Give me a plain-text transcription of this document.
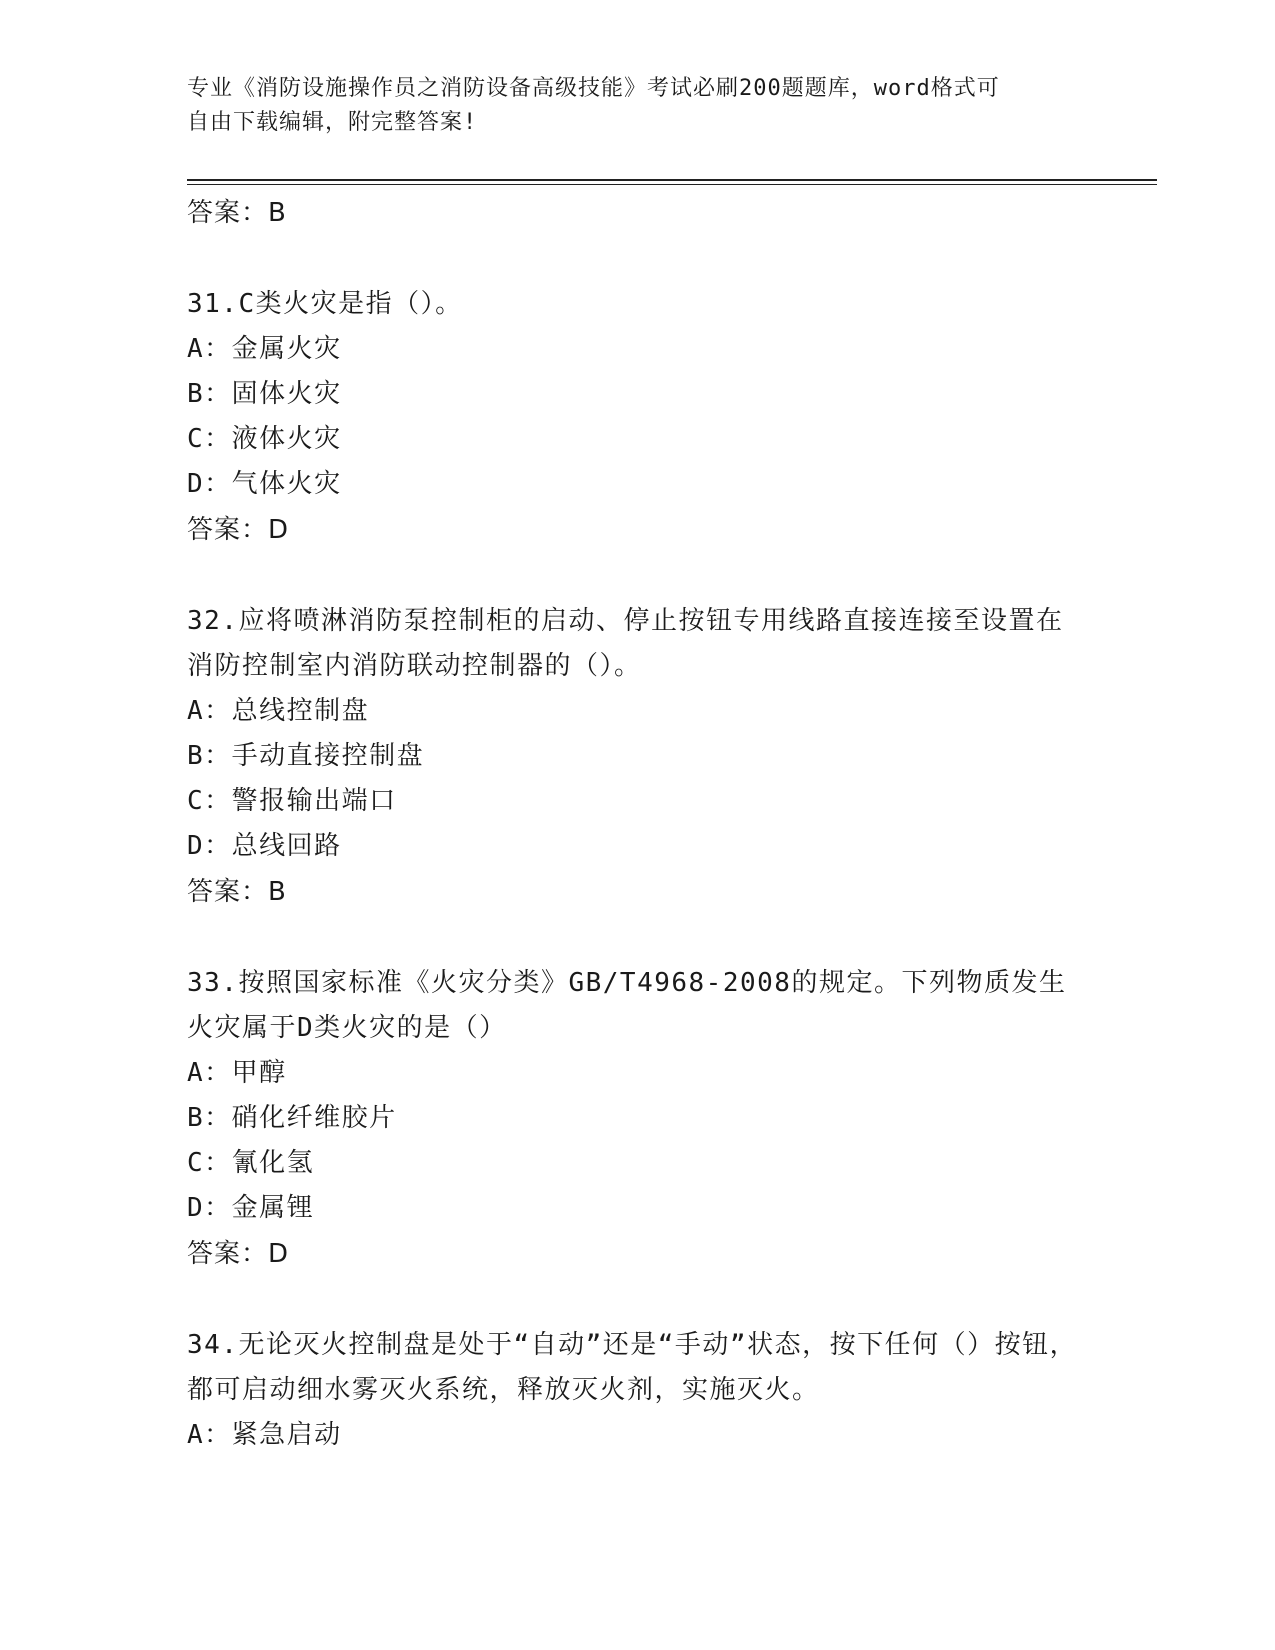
专业《消防设施操作员之消防设备高级技能》考试必刷200题题库，word格式可
自由下载编辑，附完整答案!
答案：B
31.C类火灾是指（）。
A：金属火灾
B：固体火灾
C：液体火灾
D：气体火灾
答案：D
32.应将喷淋消防泵控制柜的启动、停止按钮专用线路直接连接至设置在消防控制室内消防联动控制器的（）。
A：总线控制盘
B：手动直接控制盘
C：警报输出端口
D：总线回路
答案：B
33.按照国家标准《火灾分类》GB/T4968-2008的规定。下列物质发生火灾属于D类火灾的是（）
A：甲醇
B：硝化纤维胶片
C：氰化氢
D：金属锂
答案：D
34.无论灭火控制盘是处于“自动”还是“手动”状态，按下任何（）按钮，都可启动细水雾灭火系统，释放灭火剂，实施灭火。
A：紧急启动
